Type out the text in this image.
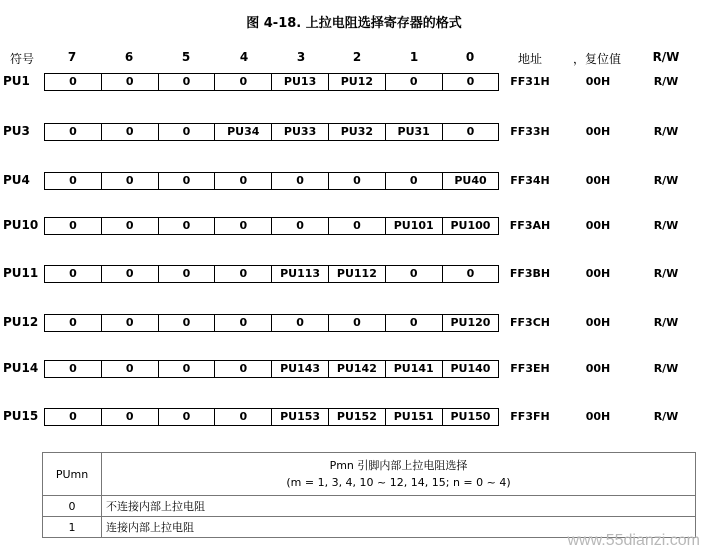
图 4-18. 上拉电阻选择寄存器的格式
符号	7	6	5	4	3	2	1	0	地址	，复位值	R/W
PU1	0	0	0	0	PU13	PU12	0	0	FF31H	00H	R/W
PU3	0	0	0	PU34	PU33	PU32	PU31	0	FF33H	00H	R/W
PU4	0	0	0	0	0	0	0	PU40	FF34H	00H	R/W
PU10	0	0	0	0	0	0	PU101	PU100	FF3AH	00H	R/W
PU11	0	0	0	0	PU113	PU112	0	0	FF3BH	00H	R/W
PU12	0	0	0	0	0	0	0	PU120	FF3CH	00H	R/W
PU14	0	0	0	0	PU143	PU142	PU141	PU140	FF3EH	00H	R/W
PU15	0	0	0	0	PU153	PU152	PU151	PU150	FF3FH	00H	R/W
PUmn	Pmn 引脚内部上拉电阻选择
(m = 1, 3, 4, 10 ~ 12, 14, 15; n = 0 ~ 4)

0	不连接内部上拉电阻
1	连接内部上拉电阻
www.55dianzi.com
